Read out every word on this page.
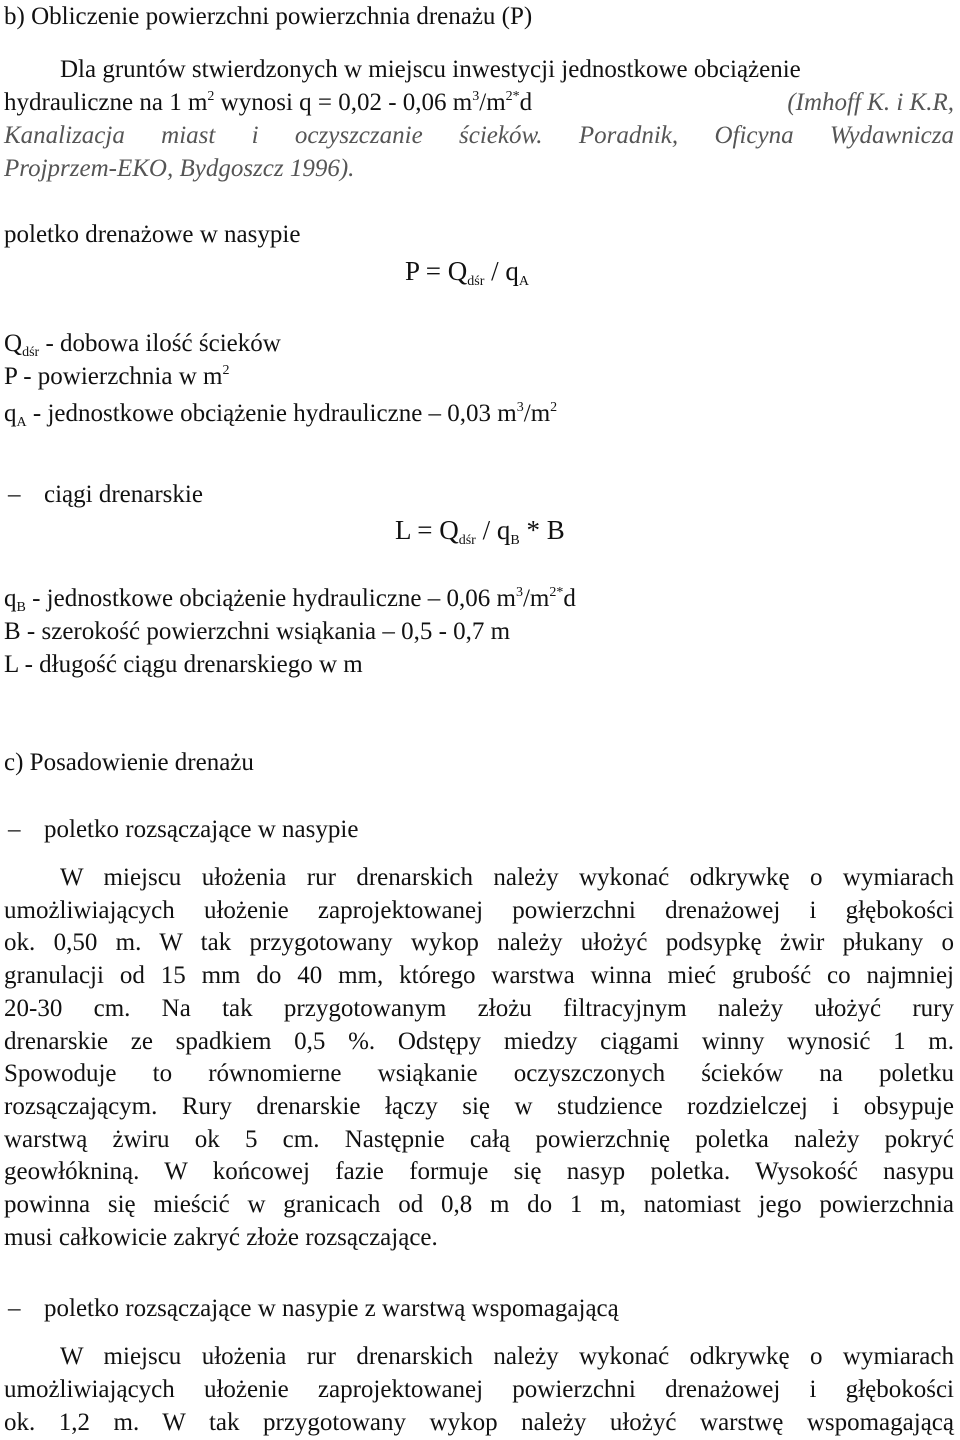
b) Obliczenie powierzchni powierzchnia drenażu (P)
Dla gruntów stwierdzonych w miejscu inwestycji jednostkowe obciążenie
hydrauliczne na 1 $m^2$ wynosi q = 0,02 - 0,06 $m^3/m^{2*}d$	(Imhoff K. i K.R,
Kanalizacja miast i oczyszczanie ścieków. Poradnik, Oficyna Wydawnicza
Projprzem-EKO, Bydgoszcz 1996).
poletko drenażowe w nasypie
$P = Q_{dśr} / q_A$
$Q_{dśr}$ - dobowa ilość ścieków
P - powierzchnia w $m^2$
$q_A$ - jednostkowe obciążenie hydrauliczne – 0,03 $m^3/m^2$
– ciągi drenarskie
$L = Q_{dśr} / q_B * B$
$q_B$ - jednostkowe obciążenie hydrauliczne – 0,06 $m^3/m^{2*}d$
B - szerokość powierzchni wsiąkania – 0,5 - 0,7 m
L - długość ciągu drenarskiego w m
c) Posadowienie drenażu
– poletko rozsączające w nasypie
W miejscu ułożenia rur drenarskich należy wykonać odkrywkę o wymiarach
umożliwiających ułożenie zaprojektowanej powierzchni drenażowej i głębokości
ok. 0,50 m. W tak przygotowany wykop należy ułożyć podsypkę żwir płukany o
granulacji od 15 mm do 40 mm, którego warstwa winna mieć grubość co najmniej
20-30 cm. Na tak przygotowanym złożu filtracyjnym należy ułożyć rury
drenarskie ze spadkiem 0,5 %. Odstępy miedzy ciągami winny wynosić 1 m.
Spowoduje to równomierne wsiąkanie oczyszczonych ścieków na poletku
rozsączającym. Rury drenarskie łączy się w studzience rozdzielczej i obsypuje
warstwą żwiru ok 5 cm. Następnie całą powierzchnię poletka należy pokryć
geowłókniną. W końcowej fazie formuje się nasyp poletka. Wysokość nasypu
powinna się mieścić w granicach od 0,8 m do 1 m, natomiast jego powierzchnia
musi całkowicie zakryć złoże rozsączające.
– poletko rozsączające w nasypie z warstwą wspomagającą
W miejscu ułożenia rur drenarskich należy wykonać odkrywkę o wymiarach
umożliwiających ułożenie zaprojektowanej powierzchni drenażowej i głębokości
ok. 1,2 m. W tak przygotowany wykop należy ułożyć warstwę wspomagającą
